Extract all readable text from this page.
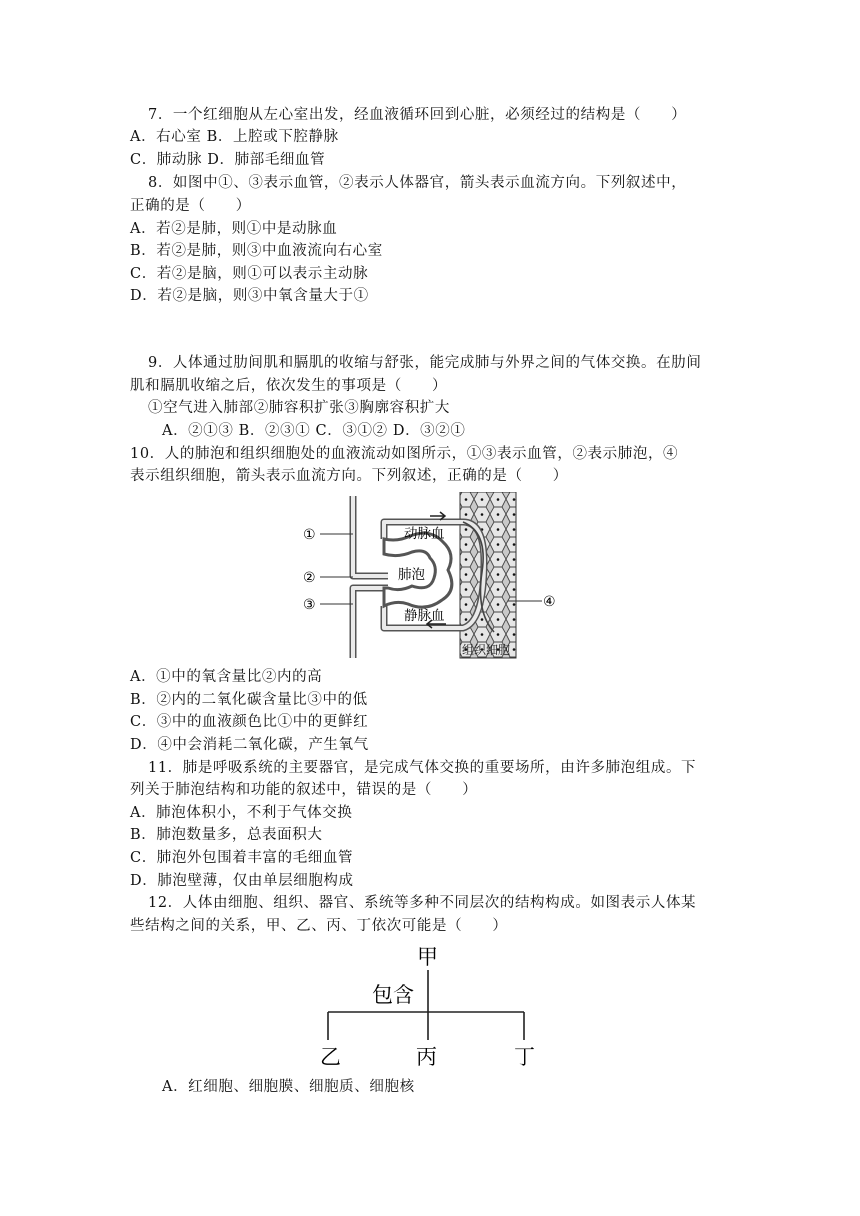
7．一个红细胞从左心室出发，经血液循环回到心脏，必须经过的结构是（　　）
A．右心室 B．上腔或下腔静脉
C．肺动脉 D．肺部毛细血管
8．如图中①、③表示血管，②表示人体器官，箭头表示血流方向。下列叙述中，
正确的是（　　）
A．若②是肺，则①中是动脉血
B．若②是肺，则③中血液流向右心室
C．若②是脑，则①可以表示主动脉
D．若②是脑，则③中氧含量大于①
9．人体通过肋间肌和膈肌的收缩与舒张，能完成肺与外界之间的气体交换。在肋间
肌和膈肌收缩之后，依次发生的事项是（　　）
①空气进入肺部②肺容积扩张③胸廓容积扩大
A．②①③ B．②③① C．③①② D．③②①
10．人的肺泡和组织细胞处的血液流动如图所示，①③表示血管，②表示肺泡，④
表示组织细胞，箭头表示血流方向。下列叙述，正确的是（　　）
①
②
③	④
动脉血
肺泡
静脉血
组织细胞
A．①中的氧含量比②内的高
B．②内的二氧化碳含量比③中的低
C．③中的血液颜色比①中的更鲜红
D．④中会消耗二氧化碳，产生氧气
11．肺是呼吸系统的主要器官，是完成气体交换的重要场所，由许多肺泡组成。下
列关于肺泡结构和功能的叙述中，错误的是（　　）
A．肺泡体积小，不利于气体交换
B．肺泡数量多，总表面积大
C．肺泡外包围着丰富的毛细血管
D．肺泡壁薄，仅由单层细胞构成
12．人体由细胞、组织、器官、系统等多种不同层次的结构构成。如图表示人体某
些结构之间的关系，甲、乙、丙、丁依次可能是（　　）
甲
包含
乙	丙	丁
A．红细胞、细胞膜、细胞质、细胞核
